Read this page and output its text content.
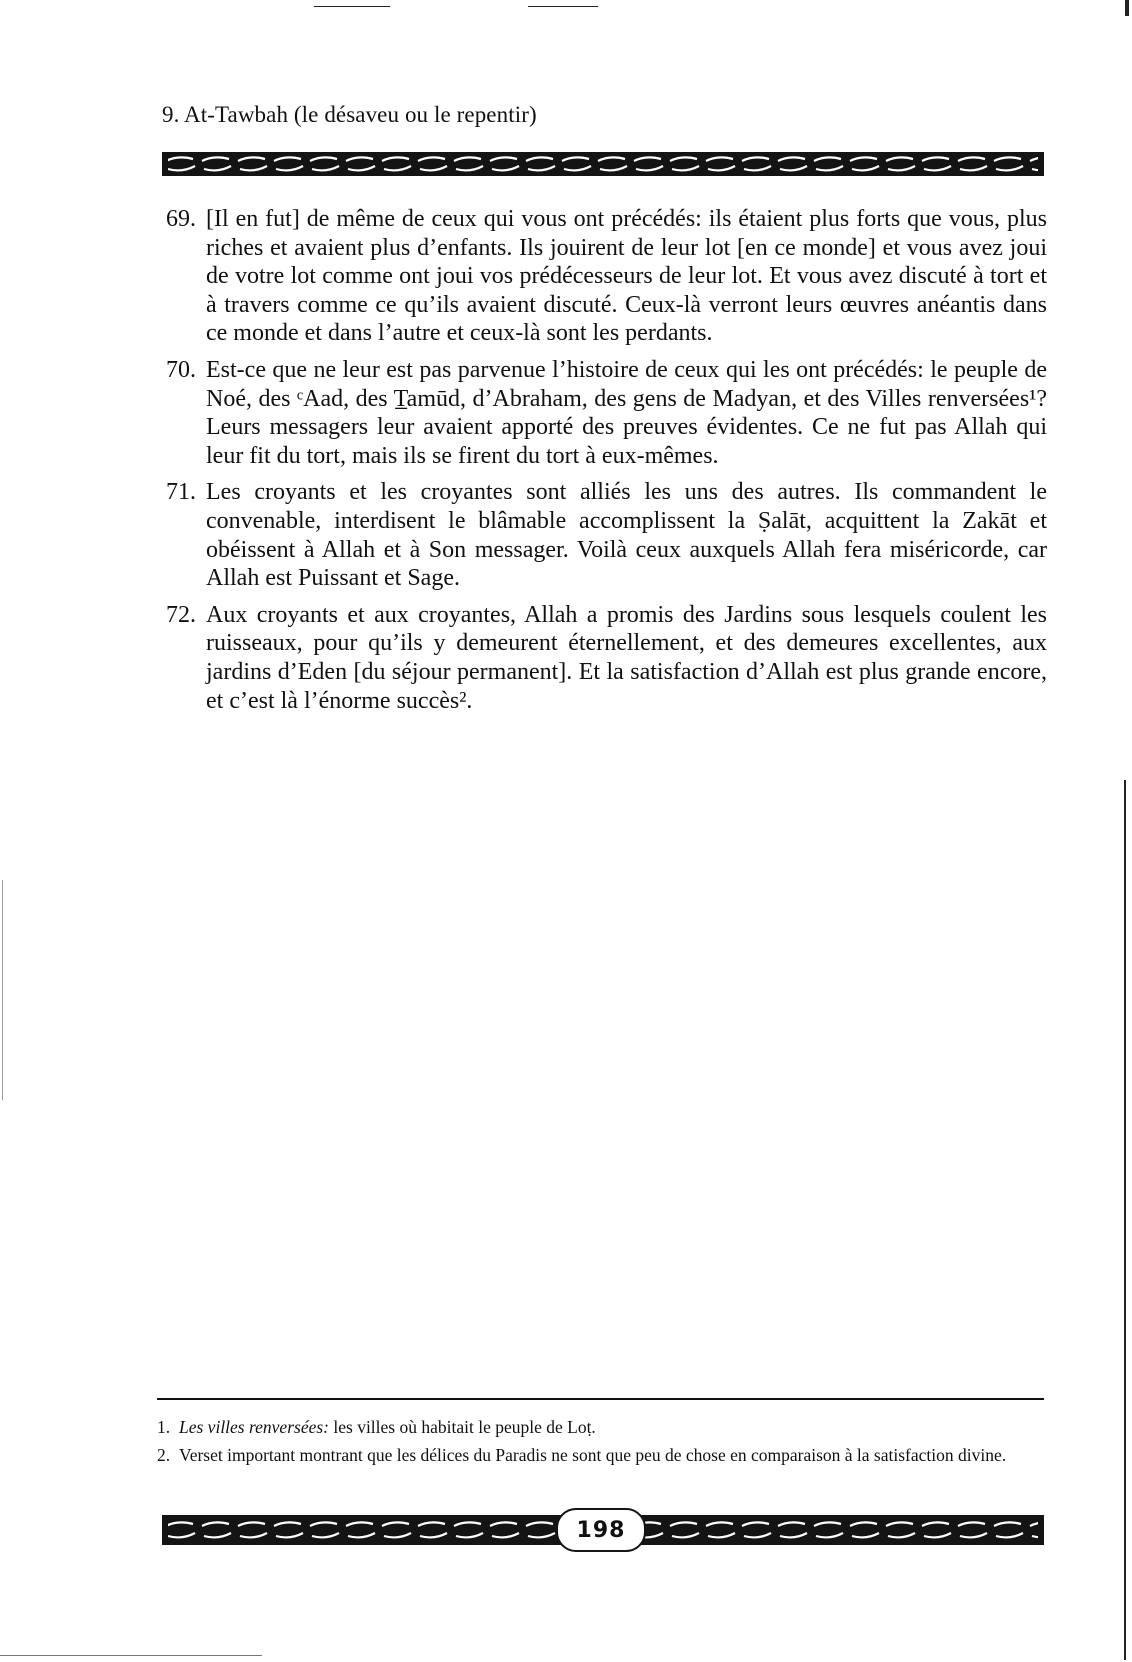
9. At-Tawbah (le désaveu ou le repentir)
69. [Il en fut] de même de ceux qui vous ont précédés: ils étaient plus forts que vous, plus riches et avaient plus d’enfants. Ils jouirent de leur lot [en ce monde] et vous avez joui de votre lot comme ont joui vos prédécesseurs de leur lot. Et vous avez discuté à tort et à travers comme ce qu’ils avaient discuté. Ceux-là verront leurs œuvres anéantis dans ce monde et dans l’autre et ceux-là sont les perdants.
70. Est-ce que ne leur est pas parvenue l’histoire de ceux qui les ont précédés: le peuple de Noé, des ᶜAad, des T̲amūd, d’Abraham, des gens de Madyan, et des Villes renversées¹? Leurs messagers leur avaient apporté des preuves évidentes. Ce ne fut pas Allah qui leur fit du tort, mais ils se firent du tort à eux-mêmes.
71. Les croyants et les croyantes sont alliés les uns des autres. Ils commandent le convenable, interdisent le blâmable accomplissent la Ṣalāt, acquittent la Zakāt et obéissent à Allah et à Son messager. Voilà ceux auxquels Allah fera miséricorde, car Allah est Puissant et Sage.
72. Aux croyants et aux croyantes, Allah a promis des Jardins sous lesquels coulent les ruisseaux, pour qu’ils y demeurent éternellement, et des demeures excellentes, aux jardins d’Eden [du séjour permanent]. Et la satisfaction d’Allah est plus grande encore, et c’est là l’énorme succès².
1. Les villes renversées: les villes où habitait le peuple de Loṭ.
2. Verset important montrant que les délices du Paradis ne sont que peu de chose en comparaison à la satisfaction divine.
198
